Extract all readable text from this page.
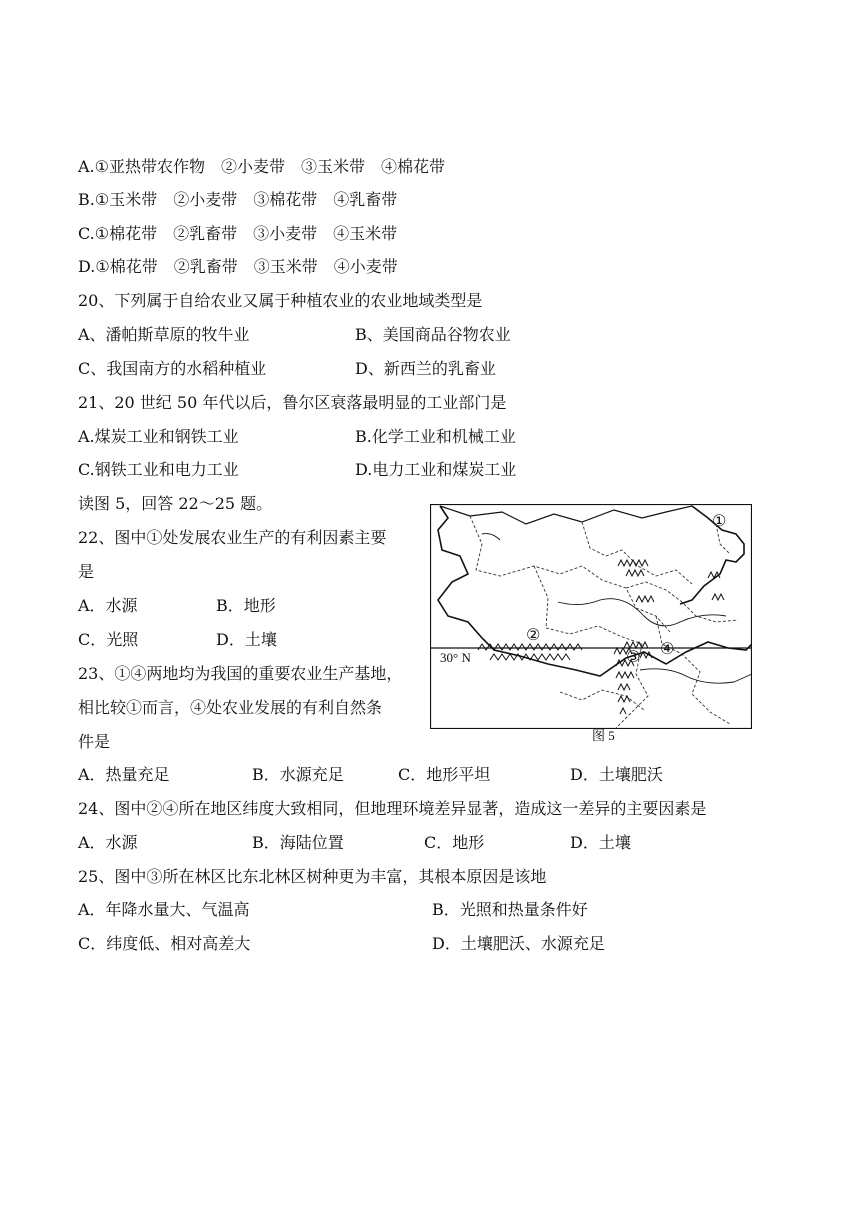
A.①亚热带农作物　②小麦带　③玉米带　④棉花带
B.①玉米带　②小麦带　③棉花带　④乳畜带
C.①棉花带　②乳畜带　③小麦带　④玉米带
D.①棉花带　②乳畜带　③玉米带　④小麦带
20、下列属于自给农业又属于种植农业的农业地域类型是
A、潘帕斯草原的牧牛业	B、美国商品谷物农业
C、我国南方的水稻种植业	D、新西兰的乳畜业
21、20 世纪 50 年代以后，鲁尔区衰落最明显的工业部门是
A.煤炭工业和钢铁工业	B.化学工业和机械工业
C.钢铁工业和电力工业	D.电力工业和煤炭工业
读图 5，回答 22～25 题。
22、图中①处发展农业生产的有利因素主要
是
A．水源	B．地形
C．光照	D．土壤
23、①④两地均为我国的重要农业生产基地，
相比较①而言，④处农业发展的有利自然条
件是
A．热量充足	B．水源充足	C．地形平坦	D．土壤肥沃
24、图中②④所在地区纬度大致相同，但地理环境差异显著，造成这一差异的主要因素是
A．水源	B．海陆位置	C．地形	D．土壤
25、图中③所在林区比东北林区树种更为丰富，其根本原因是该地
A．年降水量大、气温高	B．光照和热量条件好
C．纬度低、相对高差大	D．土壤肥沃、水源充足
30° N
①
②
③ ④
图 5
